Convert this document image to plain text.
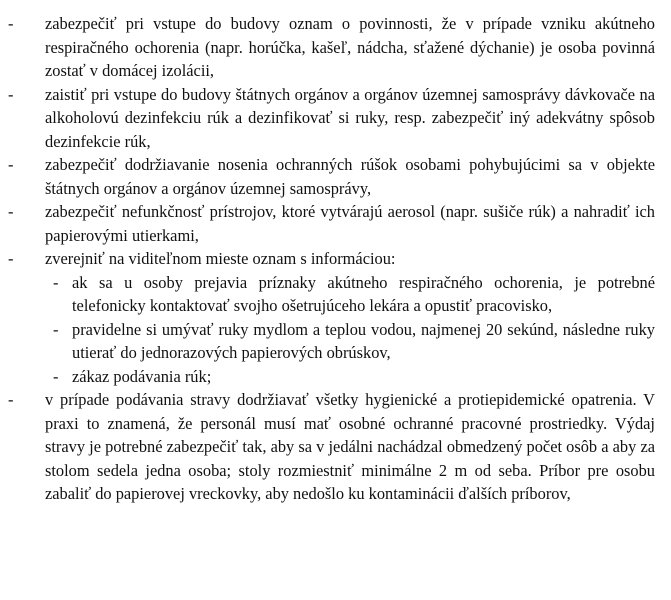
- zabezpečiť pri vstupe do budovy oznam o povinnosti, že v prípade vzniku akútneho respiračného ochorenia (napr. horúčka, kašeľ, nádcha, sťažené dýchanie) je osoba povinná zostať v domácej izolácii,

- zaistiť pri vstupe do budovy štátnych orgánov a orgánov územnej samosprávy dávkovače na alkoholovú dezinfekciu rúk a dezinfikovať si ruky, resp. zabezpečiť iný adekvátny spôsob dezinfekcie rúk,

- zabezpečiť dodržiavanie nosenia ochranných rúšok osobami pohybujúcimi sa v objekte štátnych orgánov a orgánov územnej samosprávy,

- zabezpečiť nefunkčnosť prístrojov, ktoré vytvárajú aerosol (napr. sušiče rúk) a nahradiť ich papierovými utierkami,

- zverejniť na viditeľnom mieste oznam s informáciou:

- ak sa u osoby prejavia príznaky akútneho respiračného ochorenia, je potrebné telefonicky kontaktovať svojho ošetrujúceho lekára a opustiť pracovisko,

- pravidelne si umývať ruky mydlom a teplou vodou, najmenej 20 sekúnd, následne ruky utierať do jednorazových papierových obrúskov,

- zákaz podávania rúk;

- v prípade podávania stravy dodržiavať všetky hygienické a protiepidemické opatrenia. V praxi to znamená, že personál musí mať osobné ochranné pracovné prostriedky. Výdaj stravy je potrebné zabezpečiť tak, aby sa v jedálni nachádzal obmedzený počet osôb a aby za stolom sedela jedna osoba; stoly rozmiestniť minimálne 2 m od seba. Príbor pre osobu zabaliť do papierovej vreckovky, aby nedošlo ku kontaminácii ďalších príborov,
